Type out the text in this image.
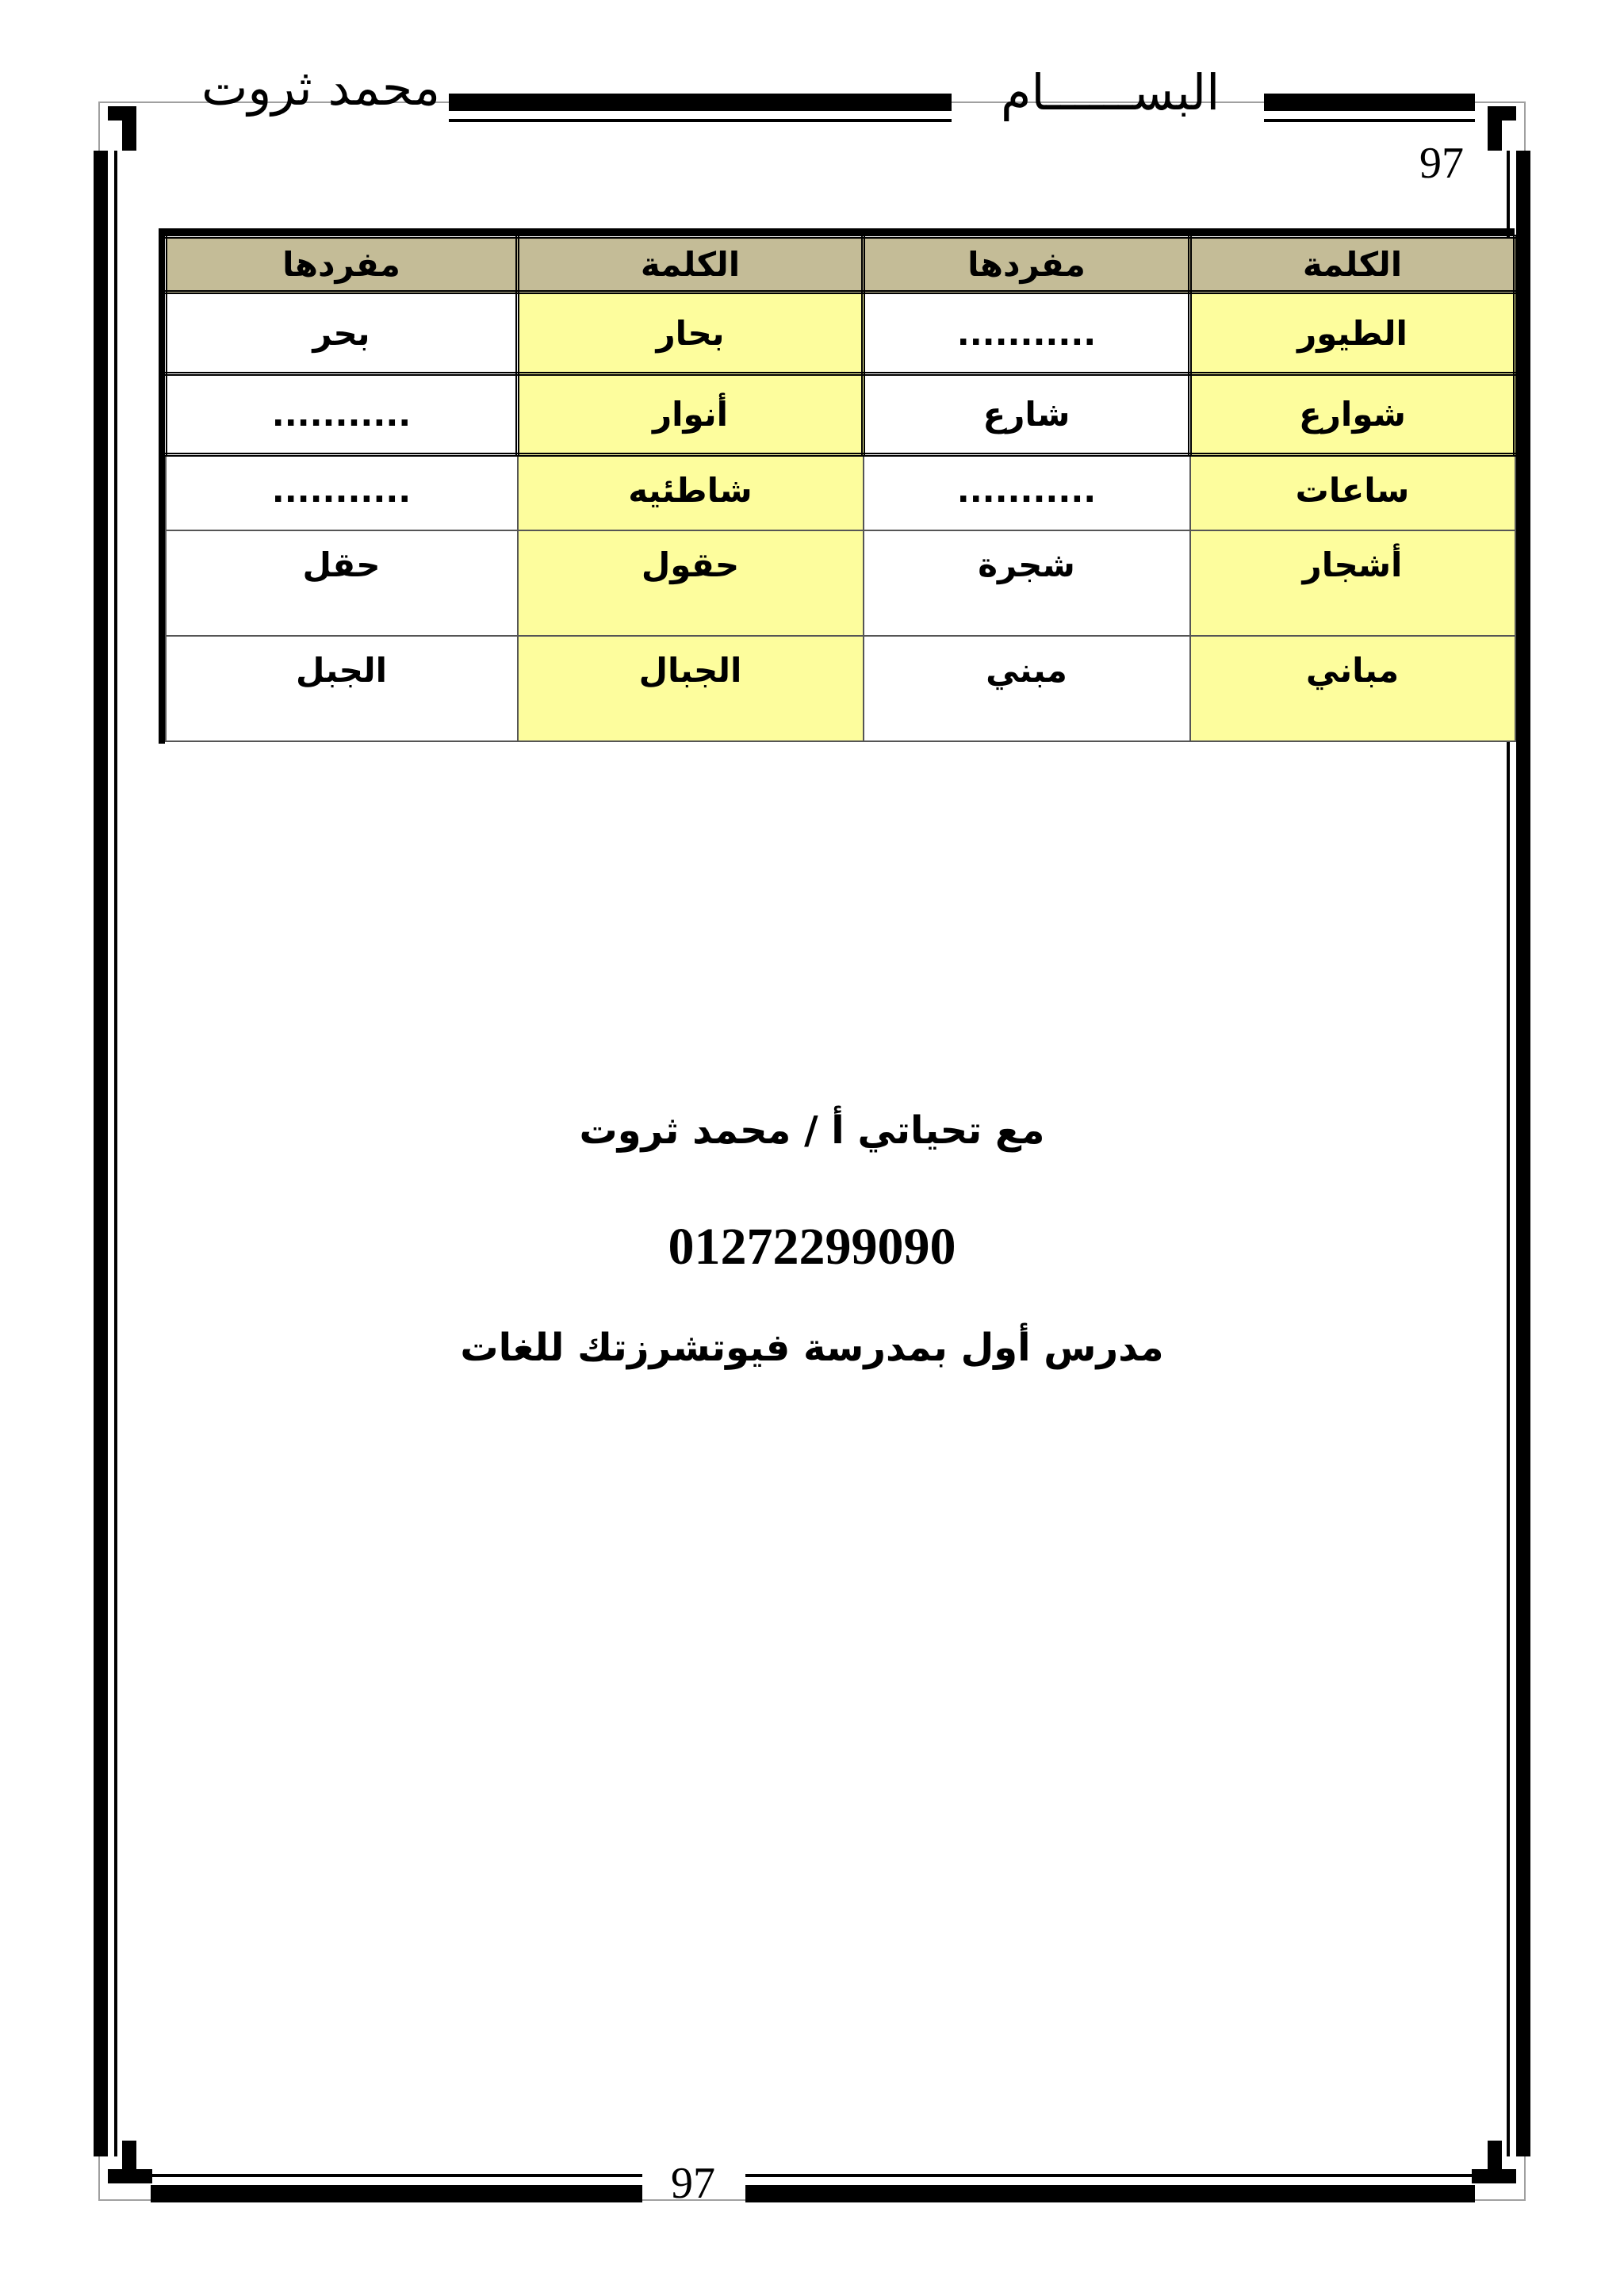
محمد ثروت	البســــــام
97
الكلمة	مفردها	الكلمة	مفردها
الطيور	...........	بحار	بحر
شوارع	شارع	أنوار	...........
ساعات	...........	شاطئيه	...........
أشجار	شجرة	حقول	حقل
مباني	مبني	الجبال	الجبل
مع تحياتي أ / محمد ثروت
01272299090
مدرس أول بمدرسة فيوتشرزتك للغات
97
